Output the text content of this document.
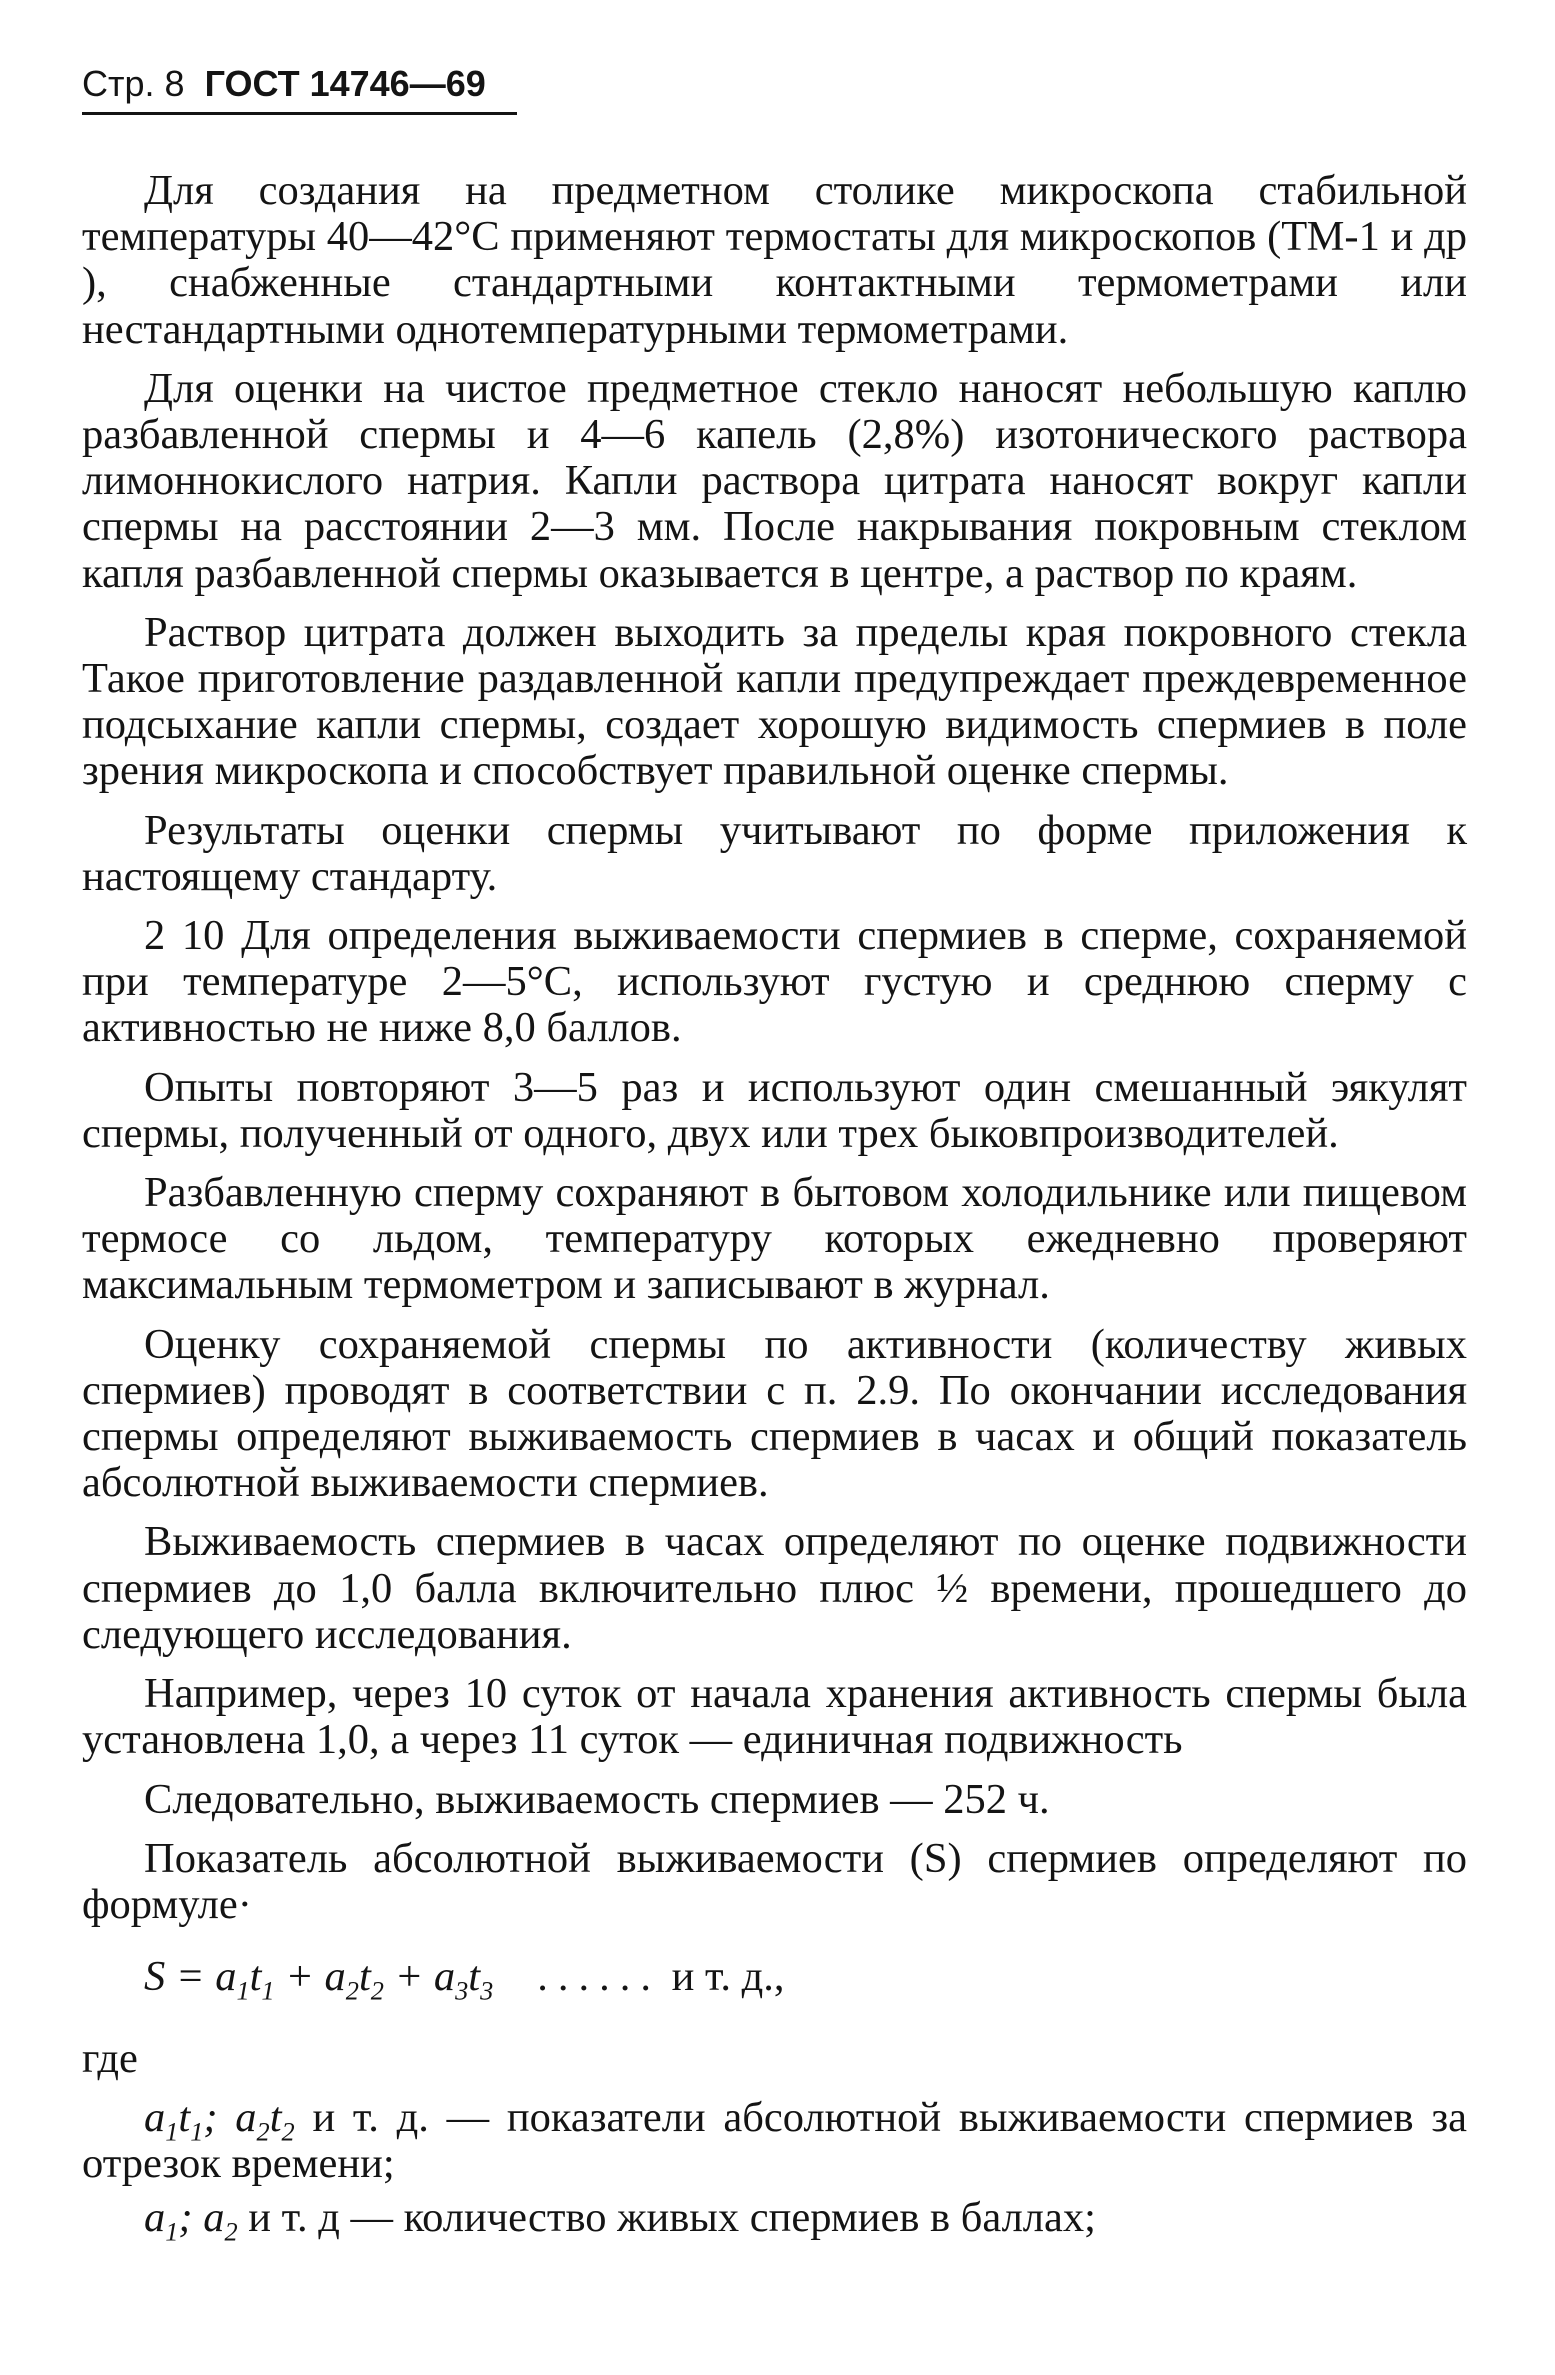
Стр. 8 ГОСТ 14746—69

Для создания на предметном столике микроскопа стабильной температуры 40—42°С применяют термостаты для микроскопов (ТМ-1 и др ), снабженные стандартными контактными термометрами или нестандартными однотемпературными термометрами.

Для оценки на чистое предметное стекло наносят небольшую каплю разбавленной спермы и 4—6 капель (2,8%) изотонического раствора лимоннокислого натрия. Капли раствора цитрата наносят вокруг капли спермы на расстоянии 2—3 мм. После накрывания покровным стеклом капля разбавленной спермы оказывается в центре, а раствор по краям.

Раствор цитрата должен выходить за пределы края покровного стекла Такое приготовление раздавленной капли предупреждает преждевременное подсыхание капли спермы, создает хорошую видимость спермиев в поле зрения микроскопа и способствует правильной оценке спермы.

Результаты оценки спермы учитывают по форме приложения к настоящему стандарту.

2 10 Для определения выживаемости спермиев в сперме, сохраняемой при температуре 2—5°С, используют густую и среднюю сперму с активностью не ниже 8,0 баллов.

Опыты повторяют 3—5 раз и используют один смешанный эякулят спермы, полученный от одного, двух или трех быковпроизводителей.

Разбавленную сперму сохраняют в бытовом холодильнике или пищевом термосе со льдом, температуру которых ежедневно проверяют максимальным термометром и записывают в журнал.

Оценку сохраняемой спермы по активности (количеству живых спермиев) проводят в соответствии с п. 2.9. По окончании исследования спермы определяют выживаемость спермиев в часах и общий показатель абсолютной выживаемости спермиев.

Выживаемость спермиев в часах определяют по оценке подвижности спермиев до 1,0 балла включительно плюс ½ времени, прошедшего до следующего исследования.

Например, через 10 суток от начала хранения активность спермы была установлена 1,0, а через 11 суток — единичная подвижность

Следовательно, выживаемость спермиев — 252 ч.

Показатель абсолютной выживаемости (S) спермиев определяют по формуле·

$S = a_1t_1 + a_2t_2 + a_3t_3$ ...... и т. д.,
где

$a_1t_1$; $a_2t_2$ и т. д. — показатели абсолютной выживаемости спермиев за отрезок времени;

$a_1$; $a_2$ и т. д — количество живых спермиев в баллах;
